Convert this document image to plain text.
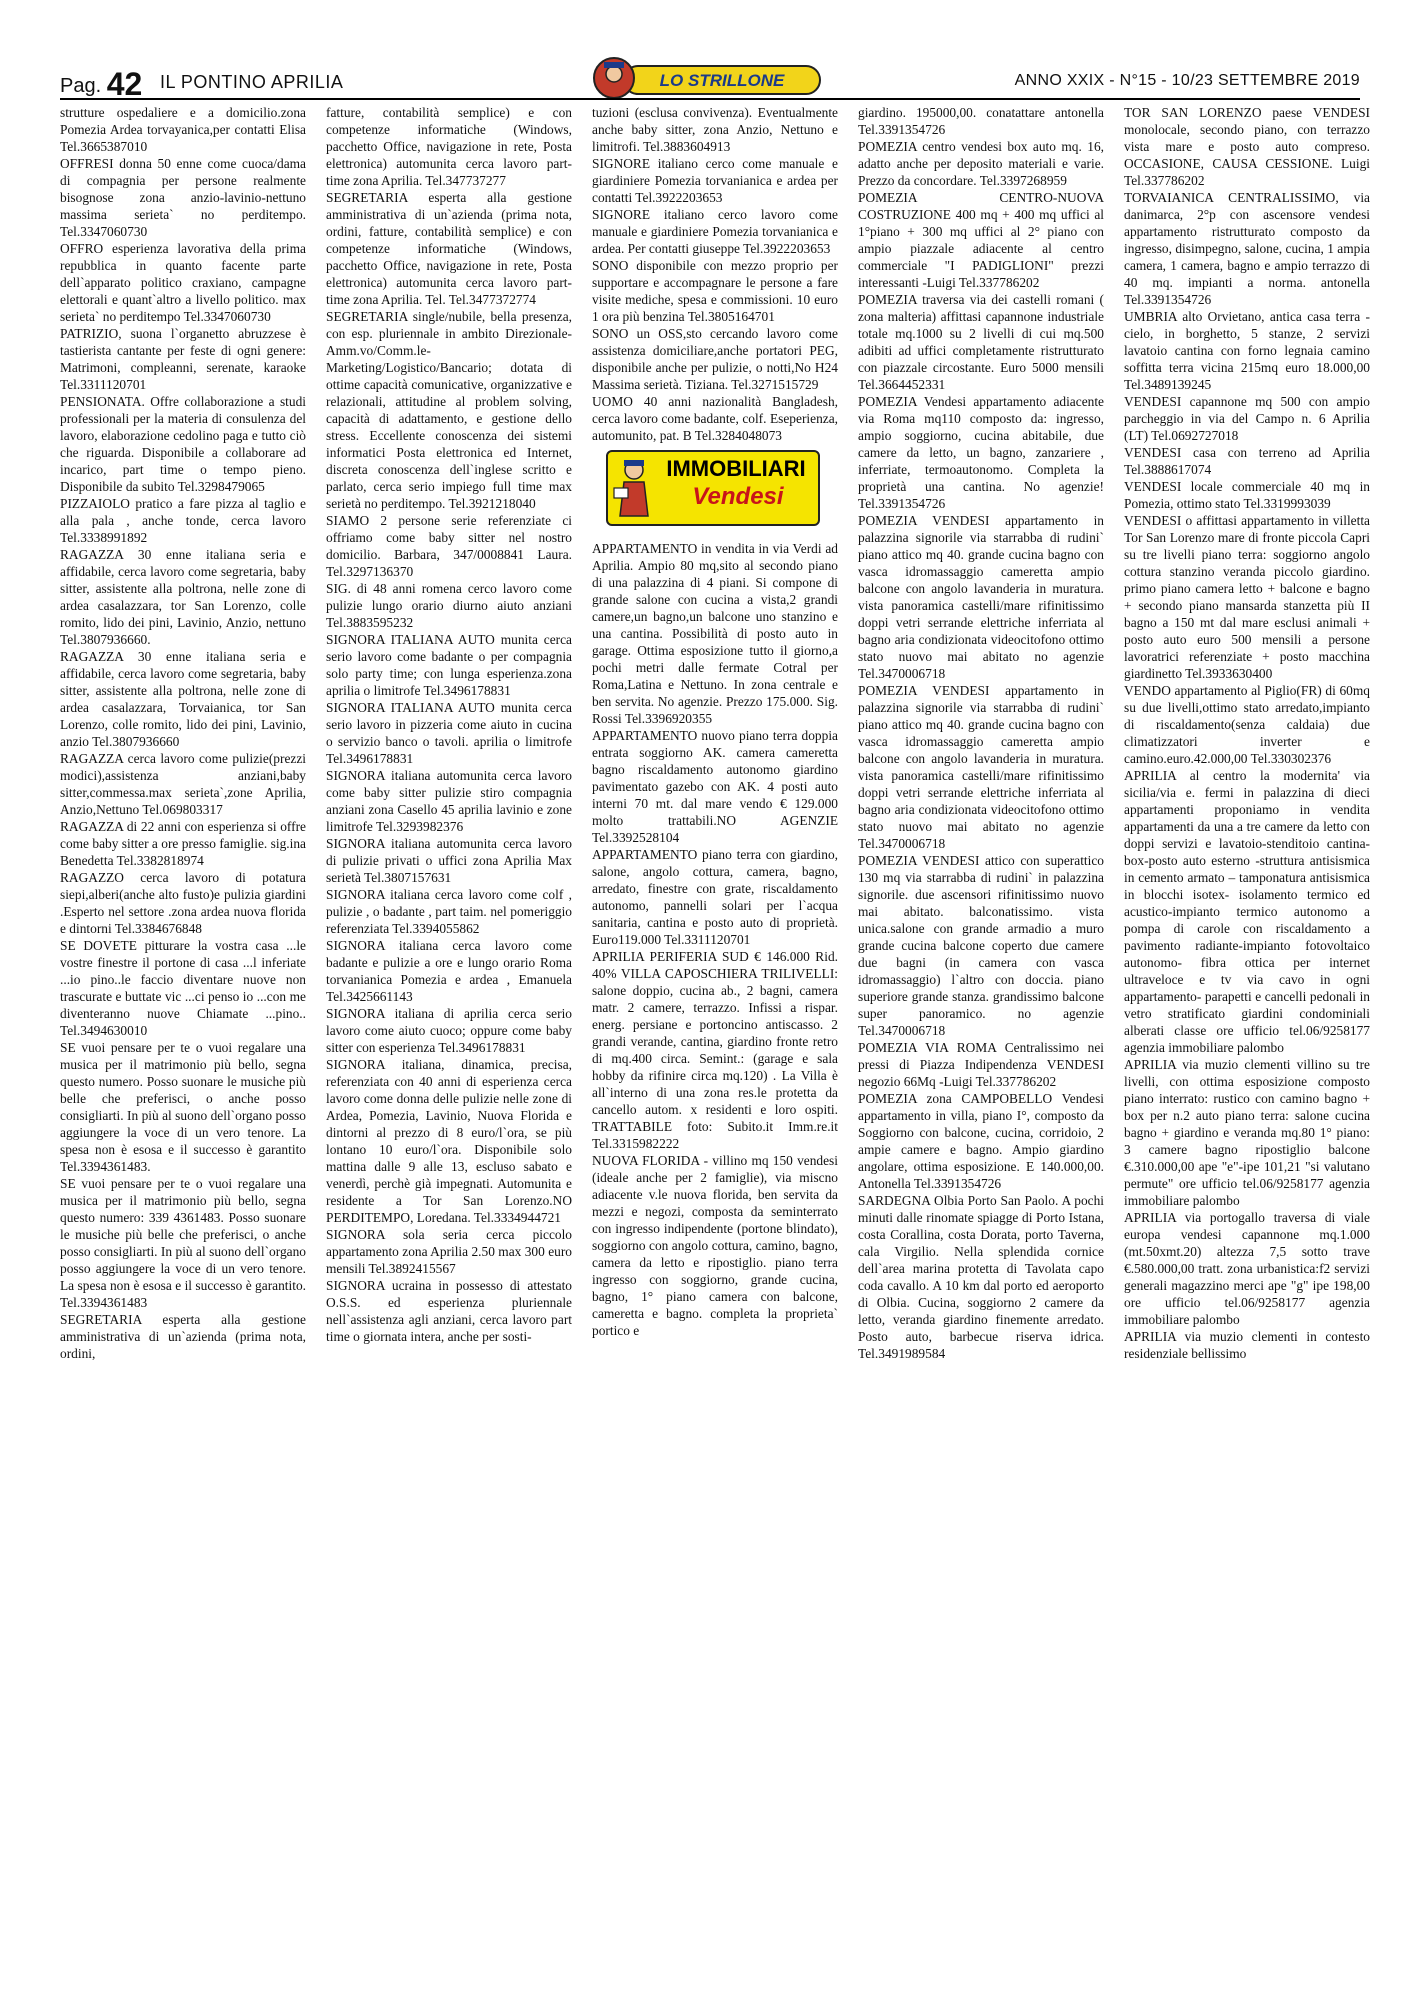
Pag. 42 IL PONTINO APRILIA	ANNO XXIX - N°15 - 10/23 SETTEMBRE 2019
LO STRILLONE

strutture ospedaliere e a domicilio.zona Pomezia Ardea torvayanica,per contatti Elisa Tel.3665387010

OFFRESI donna 50 enne come cuoca/dama di compagnia per persone realmente bisognose zona anzio-lavinio-nettuno massima serieta` no perditempo. Tel.3347060730

OFFRO esperienza lavorativa della prima repubblica in quanto facente parte dell`apparato politico craxiano, campagne elettorali e quant`altro a livello politico. max serieta` no perditempo Tel.3347060730

PATRIZIO, suona l`organetto abruzzese è tastierista cantante per feste di ogni genere: Matrimoni, compleanni, serenate, karaoke Tel.3311120701

PENSIONATA. Offre collaborazione a studi professionali per la materia di consulenza del lavoro, elaborazione cedolino paga e tutto ciò che riguarda. Disponibile a collaborare ad incarico, part time o tempo pieno. Disponibile da subito Tel.3298479065

PIZZAIOLO pratico a fare pizza al taglio e alla pala , anche tonde, cerca lavoro Tel.3338991892

RAGAZZA 30 enne italiana seria e affidabile, cerca lavoro come segretaria, baby sitter, assistente alla poltrona, nelle zone di ardea casalazzara, tor San Lorenzo, colle romito, lido dei pini, Lavinio, Anzio, nettuno Tel.3807936660.

RAGAZZA 30 enne italiana seria e affidabile, cerca lavoro come segretaria, baby sitter, assistente alla poltrona, nelle zone di ardea casalazzara, Torvaianica, tor San Lorenzo, colle romito, lido dei pini, Lavinio, anzio Tel.3807936660

RAGAZZA cerca lavoro come pulizie(prezzi modici),assistenza anziani,baby sitter,commessa.max serieta`,zone Aprilia, Anzio,Nettuno Tel.069803317

RAGAZZA di 22 anni con esperienza si offre come baby sitter a ore presso famiglie. sig.ina Benedetta Tel.3382818974

RAGAZZO cerca lavoro di potatura siepi,alberi(anche alto fusto)e pulizia giardini .Esperto nel settore .zona ardea nuova florida e dintorni Tel.3384676848

SE DOVETE pitturare la vostra casa ...le vostre finestre il portone di casa ...l inferiate ...io pino..le faccio diventare nuove non trascurate e buttate vic ...ci penso io ...con me diventeranno nuove Chiamate ...pino.. Tel.3494630010

SE vuoi pensare per te o vuoi regalare una musica per il matrimonio più bello, segna questo numero. Posso suonare le musiche più belle che preferisci, o anche posso consigliarti. In più al suono dell`organo posso aggiungere la voce di un vero tenore. La spesa non è esosa e il successo è garantito Tel.3394361483.

SE vuoi pensare per te o vuoi regalare una musica per il matrimonio più bello, segna questo numero: 339 4361483. Posso suonare le musiche più belle che preferisci, o anche posso consigliarti. In più al suono dell`organo posso aggiungere la voce di un vero tenore. La spesa non è esosa e il successo è garantito. Tel.3394361483

SEGRETARIA esperta alla gestione amministrativa di un`azienda (prima nota, ordini,

fatture, contabilità semplice) e con competenze informatiche (Windows, pacchetto Office, navigazione in rete, Posta elettronica) automunita cerca lavoro part-time zona Aprilia. Tel.347737277

SEGRETARIA esperta alla gestione amministrativa di un`azienda (prima nota, ordini, fatture, contabilità semplice) e con competenze informatiche (Windows, pacchetto Office, navigazione in rete, Posta elettronica) automunita cerca lavoro part-time zona Aprilia. Tel. Tel.3477372774

SEGRETARIA single/nubile, bella presenza, con esp. pluriennale in ambito Direzionale-Amm.vo/Comm.le-Marketing/Logistico/Bancario; dotata di ottime capacità comunicative, organizzative e relazionali, attitudine al problem solving, capacità di adattamento, e gestione dello stress. Eccellente conoscenza dei sistemi informatici Posta elettronica ed Internet, discreta conoscenza dell`inglese scritto e parlato, cerca serio impiego full time max serietà no perditempo. Tel.3921218040

SIAMO 2 persone serie referenziate ci offriamo come baby sitter nel nostro domicilio. Barbara, 347/0008841 Laura. Tel.3297136370

SIG. di 48 anni romena cerco lavoro come pulizie lungo orario diurno aiuto anziani Tel.3883595232

SIGNORA ITALIANA AUTO munita cerca serio lavoro come badante o per compagnia solo party time; con lunga esperienza.zona aprilia o limitrofe Tel.3496178831

SIGNORA ITALIANA AUTO munita cerca serio lavoro in pizzeria come aiuto in cucina o servizio banco o tavoli. aprilia o limitrofe Tel.3496178831

SIGNORA italiana automunita cerca lavoro come baby sitter pulizie stiro compagnia anziani zona Casello 45 aprilia lavinio e zone limitrofe Tel.3293982376

SIGNORA italiana automunita cerca lavoro di pulizie privati o uffici zona Aprilia Max serietà Tel.3807157631

SIGNORA italiana cerca lavoro come colf , pulizie , o badante , part taim. nel pomeriggio referenziata Tel.3394055862

SIGNORA italiana cerca lavoro come badante e pulizie a ore e lungo orario Roma torvanianica Pomezia e ardea , Emanuela Tel.3425661143

SIGNORA italiana di aprilia cerca serio lavoro come aiuto cuoco; oppure come baby sitter con esperienza Tel.3496178831

SIGNORA italiana, dinamica, precisa, referenziata con 40 anni di esperienza cerca lavoro come donna delle pulizie nelle zone di Ardea, Pomezia, Lavinio, Nuova Florida e dintorni al prezzo di 8 euro/l`ora, se più lontano 10 euro/l`ora. Disponibile solo mattina dalle 9 alle 13, escluso sabato e venerdì, perchè già impegnati. Automunita e residente a Tor San Lorenzo.NO PERDITEMPO, Loredana. Tel.3334944721

SIGNORA sola seria cerca piccolo appartamento zona Aprilia 2.50 max 300 euro mensili Tel.3892415567

SIGNORA ucraina in possesso di attestato O.S.S. ed esperienza pluriennale nell`assistenza agli anziani, cerca lavoro part time o giornata intera, anche per sosti-

tuzioni (esclusa convivenza). Eventualmente anche baby sitter, zona Anzio, Nettuno e limitrofi. Tel.3883604913

SIGNORE italiano cerco come manuale e giardiniere Pomezia torvanianica e ardea per contatti Tel.3922203653

SIGNORE italiano cerco lavoro come manuale e giardiniere Pomezia torvanianica e ardea. Per contatti giuseppe Tel.3922203653

SONO disponibile con mezzo proprio per supportare e accompagnare le persone a fare visite mediche, spesa e commissioni. 10 euro 1 ora più benzina Tel.3805164701

SONO un OSS,sto cercando lavoro come assistenza domiciliare,anche portatori PEG, disponibile anche per pulizie, o notti,No H24 Massima serietà. Tiziana. Tel.3271515729

UOMO 40 anni nazionalità Bangladesh, cerca lavoro come badante, colf. Eseperienza, automunito, pat. B Tel.3284048073

IMMOBILIARI
Vendesi

APPARTAMENTO in vendita in via Verdi ad Aprilia. Ampio 80 mq,sito al secondo piano di una palazzina di 4 piani. Si compone di grande salone con cucina a vista,2 grandi camere,un bagno,un balcone uno stanzino e una cantina. Possibilità di posto auto in garage. Ottima esposizione tutto il giorno,a pochi metri dalle fermate Cotral per Roma,Latina e Nettuno. In zona centrale e ben servita. No agenzie. Prezzo 175.000. Sig. Rossi Tel.3396920355

APPARTAMENTO nuovo piano terra doppia entrata soggiorno AK. camera cameretta bagno riscaldamento autonomo giardino pavimentato gazebo con AK. 4 posti auto interni 70 mt. dal mare vendo € 129.000 molto trattabili.NO AGENZIE Tel.3392528104

APPARTAMENTO piano terra con giardino, salone, angolo cottura, camera, bagno, arredato, finestre con grate, riscaldamento autonomo, pannelli solari per l`acqua sanitaria, cantina e posto auto di proprietà. Euro119.000 Tel.3311120701

APRILIA PERIFERIA SUD € 146.000 Rid. 40% VILLA CAPOSCHIERA TRILIVELLI: salone doppio, cucina ab., 2 bagni, camera matr. 2 camere, terrazzo. Infissi a rispar. energ. persiane e portoncino antiscasso. 2 grandi verande, cantina, giardino fronte retro di mq.400 circa. Semint.: (garage e sala hobby da rifinire circa mq.120) . La Villa è all`interno di una zona res.le protetta da cancello autom. x residenti e loro ospiti. TRATTABILE foto: Subito.it Imm.re.it Tel.3315982222

NUOVA FLORIDA - villino mq 150 vendesi (ideale anche per 2 famiglie), via miscno adiacente v.le nuova florida, ben servita da mezzi e negozi, composta da seminterrato con ingresso indipendente (portone blindato), soggiorno con angolo cottura, camino, bagno, camera da letto e ripostiglio. piano terra ingresso con soggiorno, grande cucina, bagno, 1° piano camera con balcone, cameretta e bagno. completa la proprieta` portico e

giardino. 195000,00. conatattare antonella Tel.3391354726

POMEZIA centro vendesi box auto mq. 16, adatto anche per deposito materiali e varie. Prezzo da concordare. Tel.3397268959

POMEZIA CENTRO-NUOVA COSTRUZIONE 400 mq + 400 mq uffici al 1°piano + 300 mq uffici al 2° piano con ampio piazzale adiacente al centro commerciale "I PADIGLIONI" prezzi interessanti -Luigi Tel.337786202

POMEZIA traversa via dei castelli romani ( zona malteria) affittasi capannone industriale totale mq.1000 su 2 livelli di cui mq.500 adibiti ad uffici completamente ristrutturato con piazzale circostante. Euro 5000 mensili Tel.3664452331

POMEZIA Vendesi appartamento adiacente via Roma mq110 composto da: ingresso, ampio soggiorno, cucina abitabile, due camere da letto, un bagno, zanzariere , inferriate, termoautonomo. Completa la proprietà una cantina. No agenzie! Tel.3391354726

POMEZIA VENDESI appartamento in palazzina signorile via starrabba di rudini` piano attico mq 40. grande cucina bagno con vasca idromassaggio cameretta ampio balcone con angolo lavanderia in muratura. vista panoramica castelli/mare rifinitissimo doppi vetri serrande elettriche inferriata al bagno aria condizionata videocitofono ottimo stato nuovo mai abitato no agenzie Tel.3470006718

POMEZIA VENDESI appartamento in palazzina signorile via starrabba di rudini` piano attico mq 40. grande cucina bagno con vasca idromassaggio cameretta ampio balcone con angolo lavanderia in muratura. vista panoramica castelli/mare rifinitissimo doppi vetri serrande elettriche inferriata al bagno aria condizionata videocitofono ottimo stato nuovo mai abitato no agenzie Tel.3470006718

POMEZIA VENDESI attico con superattico 130 mq via starrabba di rudini` in palazzina signorile. due ascensori rifinitissimo nuovo mai abitato. balconatissimo. vista unica.salone con grande armadio a muro grande cucina balcone coperto due camere due bagni (in camera con vasca idromassaggio) l`altro con doccia. piano superiore grande stanza. grandissimo balcone super panoramico. no agenzie Tel.3470006718

POMEZIA VIA ROMA Centralissimo nei pressi di Piazza Indipendenza VENDESI negozio 66Mq -Luigi Tel.337786202

POMEZIA zona CAMPOBELLO Vendesi appartamento in villa, piano I°, composto da Soggiorno con balcone, cucina, corridoio, 2 ampie camere e bagno. Ampio giardino angolare, ottima esposizione. E 140.000,00. Antonella Tel.3391354726

SARDEGNA Olbia Porto San Paolo. A pochi minuti dalle rinomate spiagge di Porto Istana, costa Corallina, costa Dorata, porto Taverna, cala Virgilio. Nella splendida cornice dell`area marina protetta di Tavolata capo coda cavallo. A 10 km dal porto ed aeroporto di Olbia. Cucina, soggiorno 2 camere da letto, veranda giardino finemente arredato. Posto auto, barbecue riserva idrica. Tel.3491989584

TOR SAN LORENZO paese VENDESI monolocale, secondo piano, con terrazzo vista mare e posto auto compreso. OCCASIONE, CAUSA CESSIONE. Luigi Tel.337786202

TORVAIANICA CENTRALISSIMO, via danimarca, 2°p con ascensore vendesi appartamento ristrutturato composto da ingresso, disimpegno, salone, cucina, 1 ampia camera, 1 camera, bagno e ampio terrazzo di 40 mq. impianti a norma. antonella Tel.3391354726

UMBRIA alto Orvietano, antica casa terra - cielo, in borghetto, 5 stanze, 2 servizi lavatoio cantina con forno legnaia camino soffitta terra vicina 215mq euro 18.000,00 Tel.3489139245

VENDESI capannone mq 500 con ampio parcheggio in via del Campo n. 6 Aprilia (LT) Tel.0692727018

VENDESI casa con terreno ad Aprilia Tel.3888617074

VENDESI locale commerciale 40 mq in Pomezia, ottimo stato Tel.3319993039

VENDESI o affittasi appartamento in villetta Tor San Lorenzo mare di fronte piccola Capri su tre livelli piano terra: soggiorno angolo cottura stanzino veranda piccolo giardino. primo piano camera letto + balcone e bagno + secondo piano mansarda stanzetta più II bagno a 150 mt dal mare esclusi animali + posto auto euro 500 mensili a persone lavoratrici referenziate + posto macchina giardinetto Tel.3933630400

VENDO appartamento al Piglio(FR) di 60mq su due livelli,ottimo stato arredato,impianto di riscaldamento(senza caldaia) due climatizzatori inverter e camino.euro.42.000,00 Tel.330302376

APRILIA al centro la modernita' via sicilia/via e. fermi in palazzina di dieci appartamenti proponiamo in vendita appartamenti da una a tre camere da letto con doppi servizi e lavatoio-stenditoio cantina- box-posto auto esterno -struttura antisismica in cemento armato – tamponatura antisismica in blocchi isotex- isolamento termico ed acustico-impianto termico autonomo a pompa di carole con riscaldamento a pavimento radiante-impianto fotovoltaico autonomo- fibra ottica per internet ultraveloce e tv via cavo in ogni appartamento- parapetti e cancelli pedonali in vetro stratificato giardini condominiali alberati classe ore ufficio tel.06/9258177 agenzia immobiliare palombo

APRILIA via muzio clementi villino su tre livelli, con ottima esposizione composto piano interrato: rustico con camino bagno + box per n.2 auto piano terra: salone cucina bagno + giardino e veranda mq.80 1° piano: 3 camere bagno ripostiglio balcone €.310.000,00 ape "e"-ipe 101,21 "si valutano permute" ore ufficio tel.06/9258177 agenzia immobiliare palombo

APRILIA via portogallo traversa di viale europa vendesi capannone mq.1.000 (mt.50xmt.20) altezza 7,5 sotto trave €.580.000,00 tratt. zona urbanistica:f2 servizi generali magazzino merci ape "g" ipe 198,00 ore ufficio tel.06/9258177 agenzia immobiliare palombo

APRILIA via muzio clementi in contesto residenziale bellissimo
